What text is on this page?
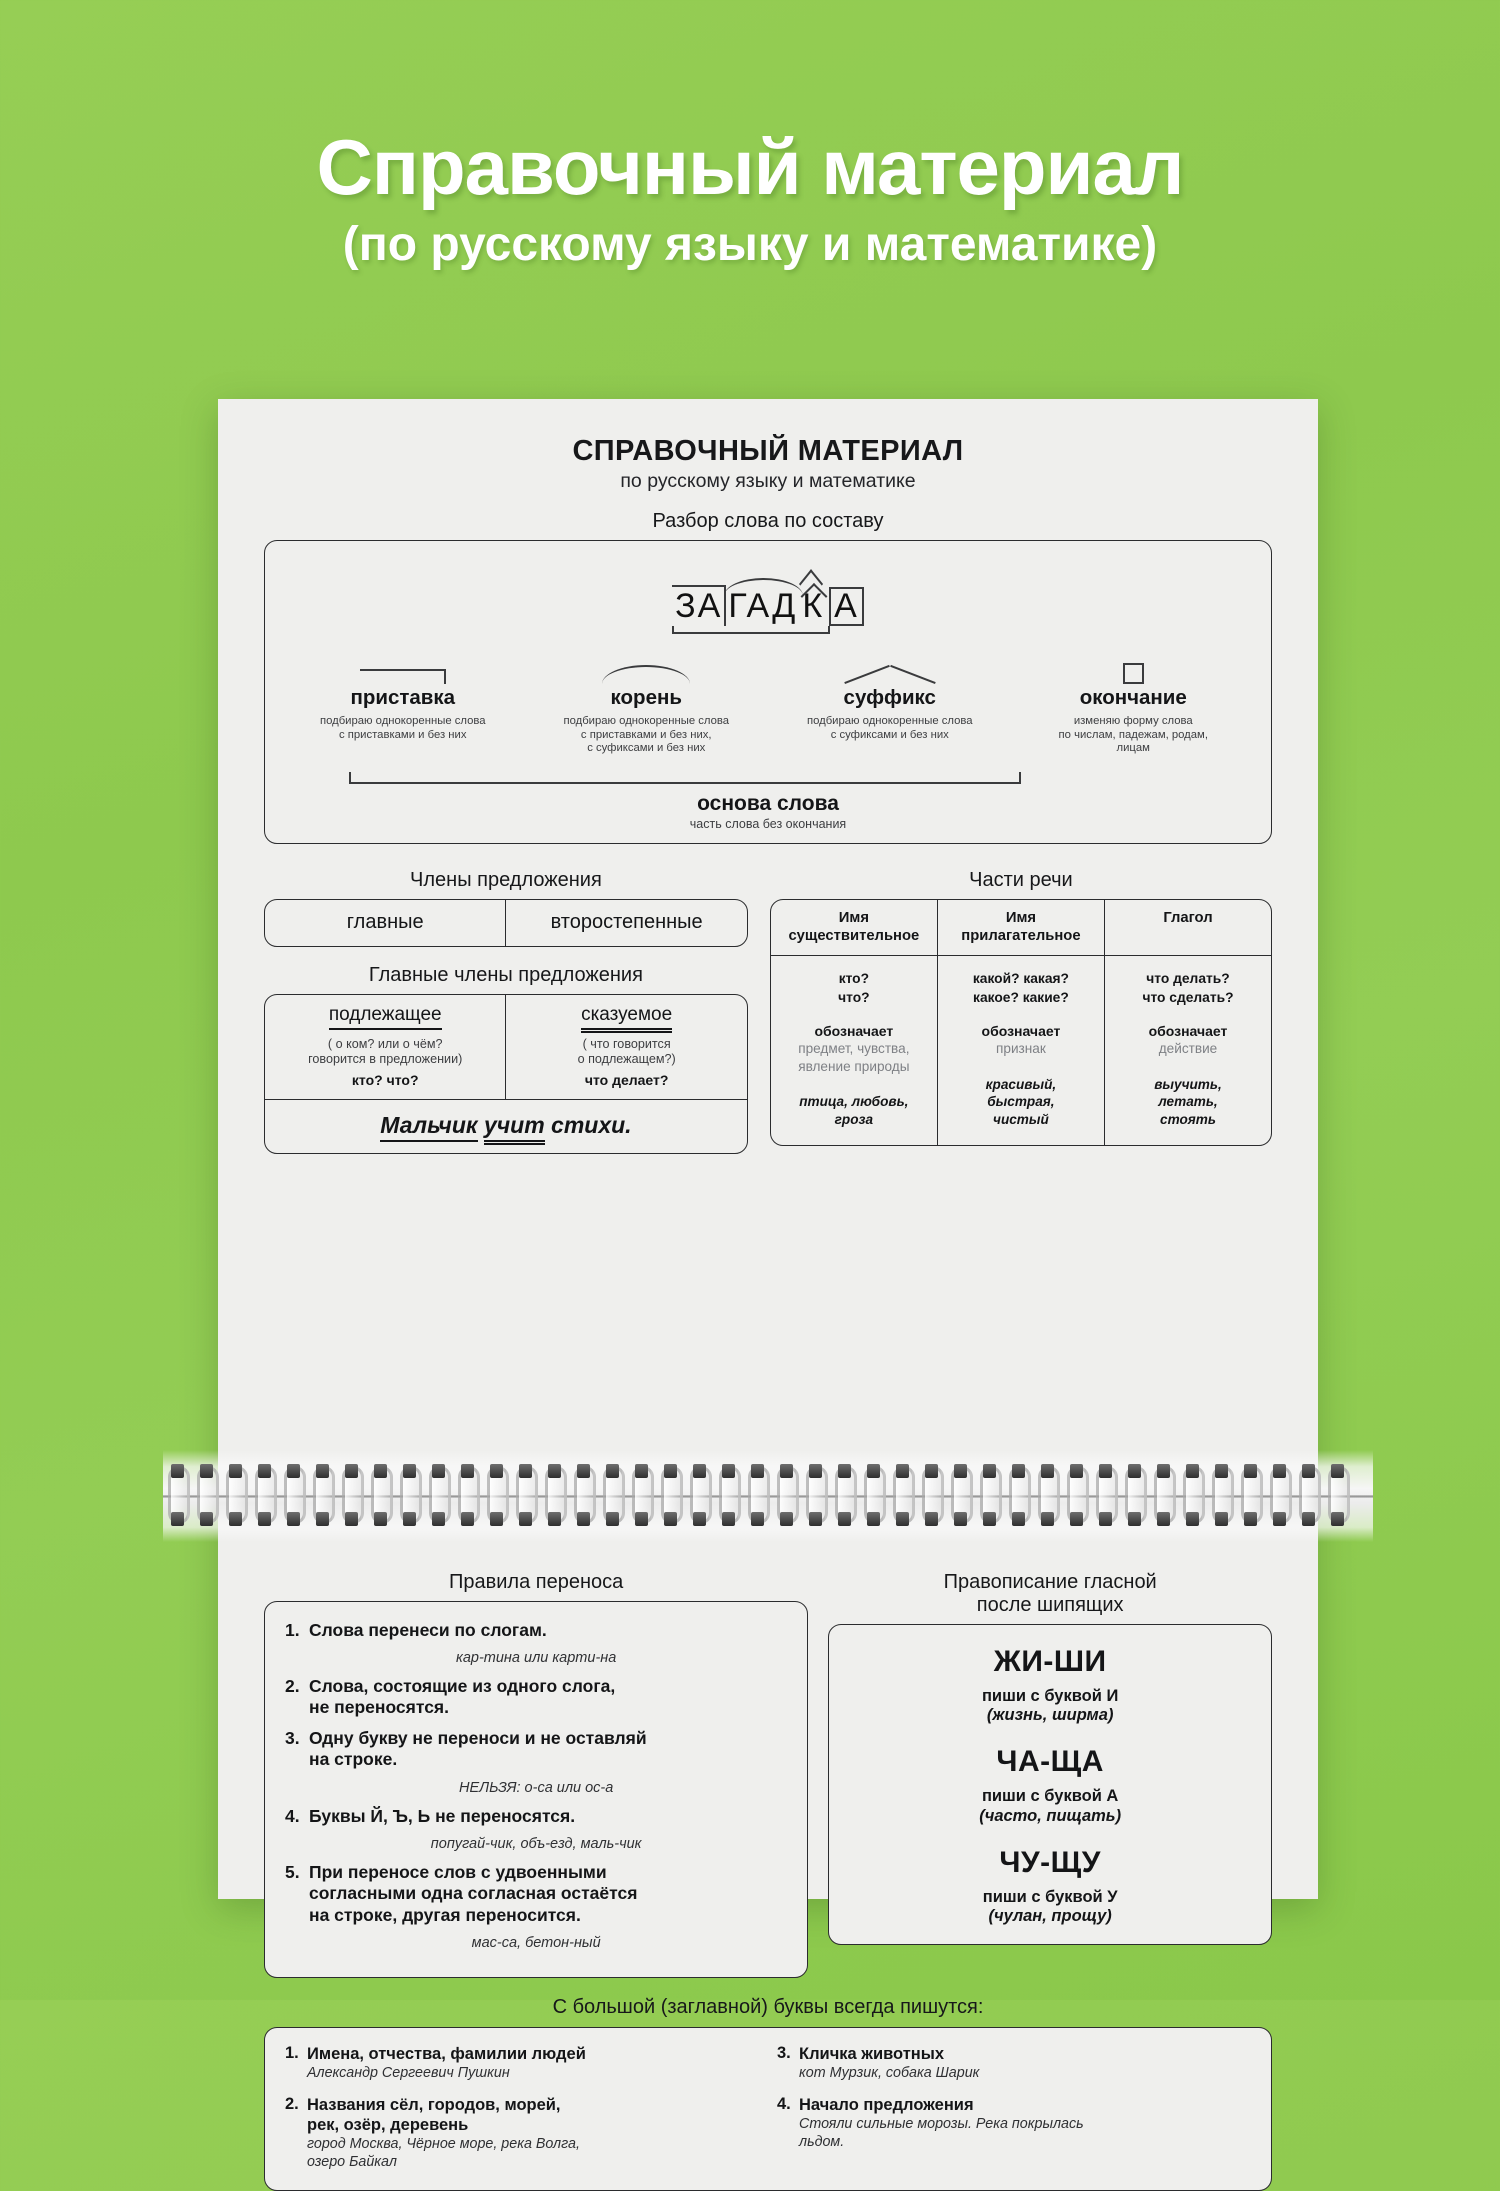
Справочный материал
(по русскому языку и математике)
СПРАВОЧНЫЙ МАТЕРИАЛ
по русскому языку и математике
Разбор слова по составу
ЗА ГАД К А
приставка
подбираю однокоренные слова
с приставками и без них
корень
подбираю однокоренные слова
с приставками и без них,
с суфиксами и без них
суффикс
подбираю однокоренные слова
с суфиксами и без них
окончание
изменяю форму слова
по числам, падежам, родам,
лицам
основа слова
часть слова без окончания
Члены предложения
главные	второстепенные
Главные члены предложения
подлежащее
( о ком? или о чём?
говорится в предложении)
кто? что?
сказуемое
( что говорится
о подлежащем?)
что делает?
Мальчик учит стихи.
Части речи
Имя
существительное
Имя
прилагательное
Глагол
кто?
что?
обозначает
предмет, чувства,
явление природы
птица, любовь,
гроза
какой? какая?
какое? какие?
обозначает
признак
красивый,
быстрая,
чистый
что делать?
что сделать?
обозначает
действие
выучить,
летать,
стоять
Правила переноса
1. Слова перенеси по слогам.
кар-тина или карти-на
2. Слова, состоящие из одного слога,
не переносятся.
3. Одну букву не переноси и не оставляй
на строке.
НЕЛЬЗЯ: о-са или ос-а
4. Буквы Й, Ъ, Ь не переносятся.
попугай-чик, объ-езд, маль-чик
5. При переносе слов с удвоенными
согласными одна согласная остаётся
на строке, другая переносится.
мас-са, бетон-ный
Правописание гласной
после шипящих
ЖИ-ШИ
пиши с буквой И
(жизнь, ширма)
ЧА-ЩА
пиши с буквой А
(часто, пищать)
ЧУ-ЩУ
пиши с буквой У
(чулан, прощу)
С большой (заглавной) буквы всегда пишутся:
1. Имена, отчества, фамилии людей
Александр Сергеевич Пушкин
2. Названия сёл, городов, морей,
рек, озёр, деревень
город Москва, Чёрное море, река Волга,
озеро Байкал
3. Кличка животных
кот Мурзик, собака Шарик
4. Начало предложения
Стояли сильные морозы. Река покрылась
льдом.
